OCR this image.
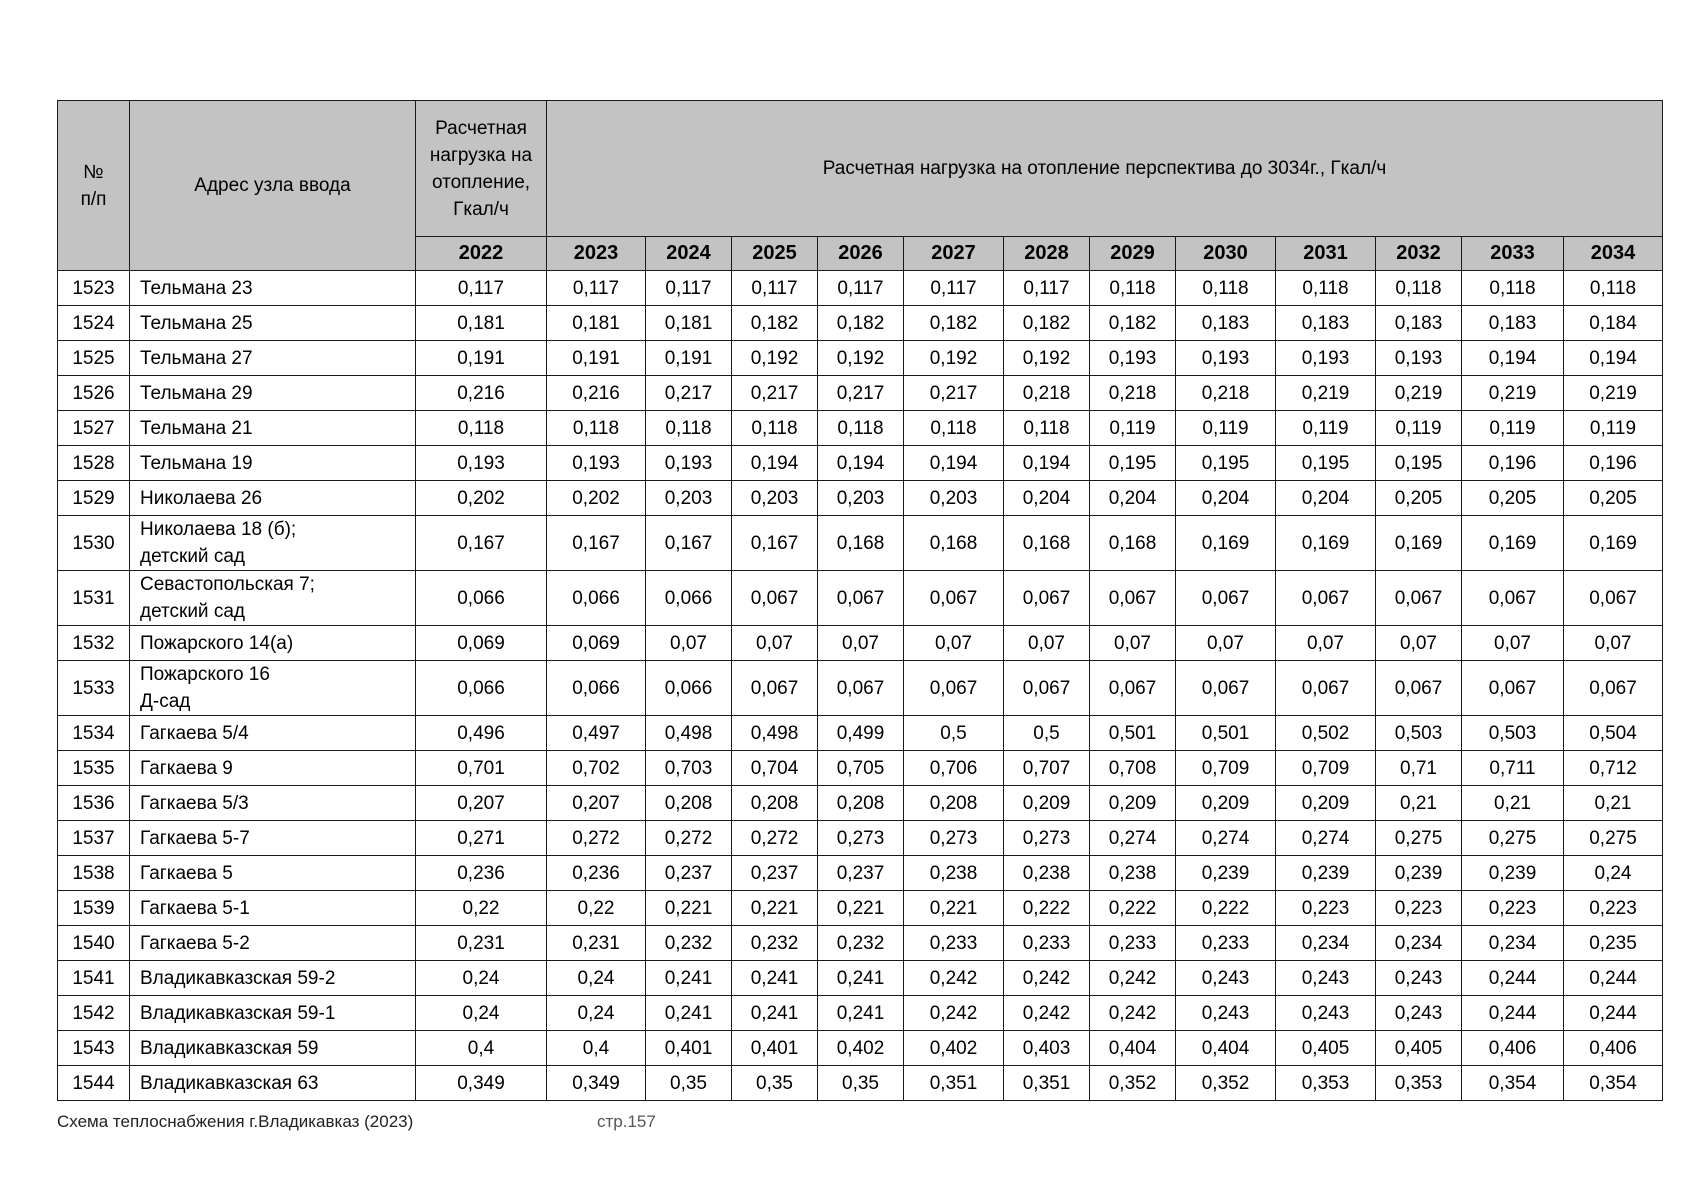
№
п/п	Адрес узла ввода	Расчетная нагрузка на отопление, Гкал/ч	Расчетная нагрузка на отопление перспектива до 3034г., Гкал/ч											
		2022	2023	2024	2025	2026	2027	2028	2029	2030	2031	2032	2033	2034
1523	Тельмана 23	0,117	0,117	0,117	0,117	0,117	0,117	0,117	0,118	0,118	0,118	0,118	0,118	0,118
1524	Тельмана 25	0,181	0,181	0,181	0,182	0,182	0,182	0,182	0,182	0,183	0,183	0,183	0,183	0,184
1525	Тельмана 27	0,191	0,191	0,191	0,192	0,192	0,192	0,192	0,193	0,193	0,193	0,193	0,194	0,194
1526	Тельмана 29	0,216	0,216	0,217	0,217	0,217	0,217	0,218	0,218	0,218	0,219	0,219	0,219	0,219
1527	Тельмана 21	0,118	0,118	0,118	0,118	0,118	0,118	0,118	0,119	0,119	0,119	0,119	0,119	0,119
1528	Тельмана 19	0,193	0,193	0,193	0,194	0,194	0,194	0,194	0,195	0,195	0,195	0,195	0,196	0,196
1529	Николаева 26	0,202	0,202	0,203	0,203	0,203	0,203	0,204	0,204	0,204	0,204	0,205	0,205	0,205
1530	Николаева 18 (б);
детский сад	0,167	0,167	0,167	0,167	0,168	0,168	0,168	0,168	0,169	0,169	0,169	0,169	0,169
1531	Севастопольская 7;
детский сад	0,066	0,066	0,066	0,067	0,067	0,067	0,067	0,067	0,067	0,067	0,067	0,067	0,067
1532	Пожарского 14(а)	0,069	0,069	0,07	0,07	0,07	0,07	0,07	0,07	0,07	0,07	0,07	0,07	0,07
1533	Пожарского 16
Д-сад	0,066	0,066	0,066	0,067	0,067	0,067	0,067	0,067	0,067	0,067	0,067	0,067	0,067
1534	Гагкаева 5/4	0,496	0,497	0,498	0,498	0,499	0,5	0,5	0,501	0,501	0,502	0,503	0,503	0,504
1535	Гагкаева 9	0,701	0,702	0,703	0,704	0,705	0,706	0,707	0,708	0,709	0,709	0,71	0,711	0,712
1536	Гагкаева 5/3	0,207	0,207	0,208	0,208	0,208	0,208	0,209	0,209	0,209	0,209	0,21	0,21	0,21
1537	Гагкаева 5-7	0,271	0,272	0,272	0,272	0,273	0,273	0,273	0,274	0,274	0,274	0,275	0,275	0,275
1538	Гагкаева 5	0,236	0,236	0,237	0,237	0,237	0,238	0,238	0,238	0,239	0,239	0,239	0,239	0,24
1539	Гагкаева 5-1	0,22	0,22	0,221	0,221	0,221	0,221	0,222	0,222	0,222	0,223	0,223	0,223	0,223
1540	Гагкаева 5-2	0,231	0,231	0,232	0,232	0,232	0,233	0,233	0,233	0,233	0,234	0,234	0,234	0,235
1541	Владикавказская 59-2	0,24	0,24	0,241	0,241	0,241	0,242	0,242	0,242	0,243	0,243	0,243	0,244	0,244
1542	Владикавказская 59-1	0,24	0,24	0,241	0,241	0,241	0,242	0,242	0,242	0,243	0,243	0,243	0,244	0,244
1543	Владикавказская 59	0,4	0,4	0,401	0,401	0,402	0,402	0,403	0,404	0,404	0,405	0,405	0,406	0,406
1544	Владикавказская 63	0,349	0,349	0,35	0,35	0,35	0,351	0,351	0,352	0,352	0,353	0,353	0,354	0,354
Схема теплоснабжения г.Владикавказ (2023)	стр.157
